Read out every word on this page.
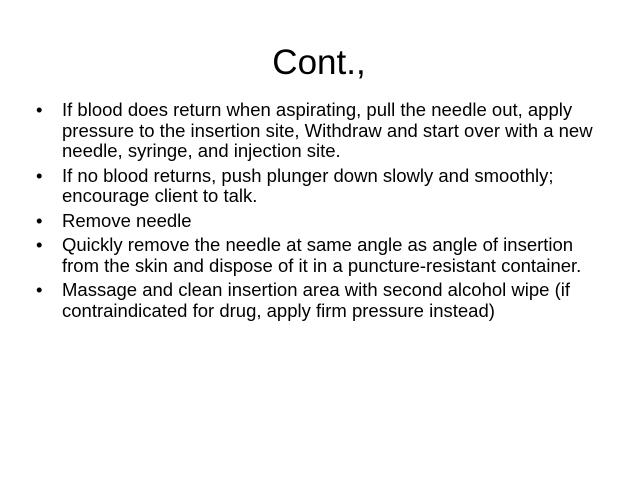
Cont.,
•	If blood does return when aspirating, pull the needle out, apply pressure to the insertion site, Withdraw and start over with a new needle, syringe, and injection site.
•	If no blood returns, push plunger down slowly and smoothly; encourage client to talk.
•	Remove needle
•	Quickly remove the needle at same angle as angle of insertion from the skin and dispose of it in a puncture-resistant container.
•	Massage and clean insertion area with second alcohol wipe (if contraindicated for drug, apply firm pressure instead)
